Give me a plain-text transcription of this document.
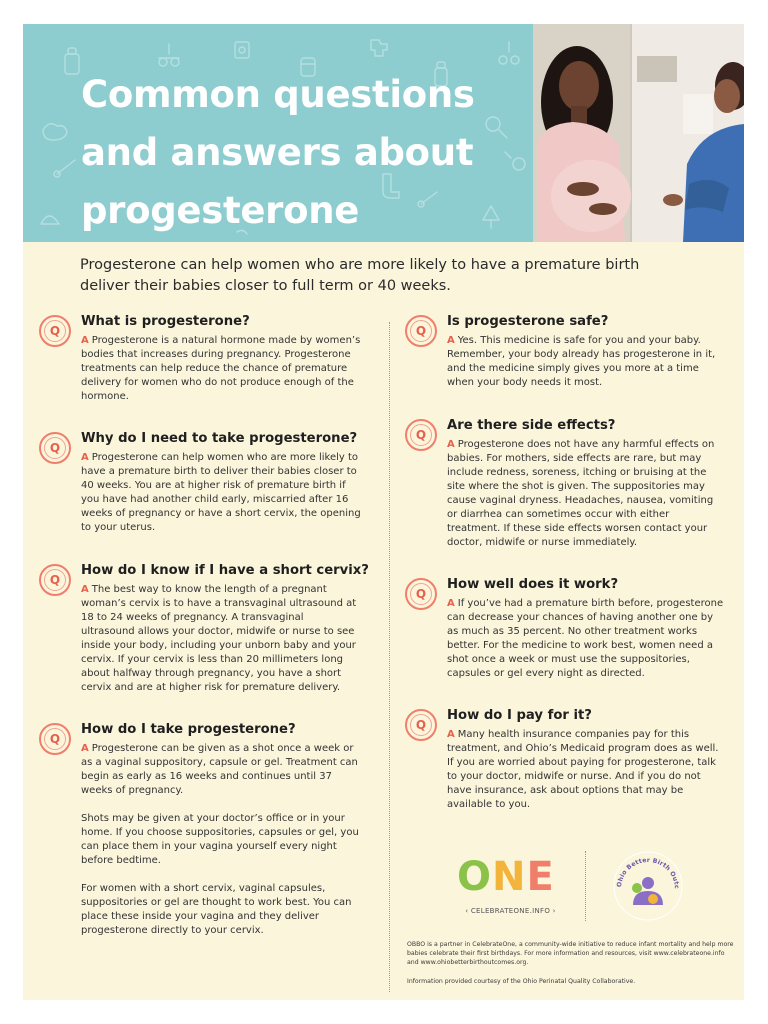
Common questions and answers about progesterone

Progesterone can help women who are more likely to have a premature birth deliver their babies closer to full term or 40 weeks.

Q
What is progesterone?

A Progesterone is a natural hormone made by women’s bodies that increases during pregnancy. Progesterone treatments can help reduce the chance of premature delivery for women who do not produce enough of the hormone.

Q
Why do I need to take progesterone?

A Progesterone can help women who are more likely to have a premature birth to deliver their babies closer to 40 weeks. You are at higher risk of premature birth if you have had another child early, miscarried after 16 weeks of pregnancy or have a short cervix, the opening to your uterus.

Q
How do I know if I have a short cervix?

A The best way to know the length of a pregnant woman’s cervix is to have a transvaginal ultrasound at 18 to 24 weeks of pregnancy. A transvaginal ultrasound allows your doctor, midwife or nurse to see inside your body, including your unborn baby and your cervix. If your cervix is less than 20 millimeters long about halfway through pregnancy, you have a short cervix and are at higher risk for premature delivery.

Q
How do I take progesterone?

A Progesterone can be given as a shot once a week or as a vaginal suppository, capsule or gel. Treatment can begin as early as 16 weeks and continues until 37 weeks of pregnancy.

Shots may be given at your doctor’s office or in your home. If you choose suppositories, capsules or gel, you can place them in your vagina yourself every night before bedtime.

For women with a short cervix, vaginal capsules, suppositories or gel are thought to work best. You can place these inside your vagina and they deliver progesterone directly to your cervix.

Q
Is progesterone safe?

A Yes. This medicine is safe for you and your baby. Remember, your body already has progesterone in it, and the medicine simply gives you more at a time when your body needs it most.

Q
Are there side effects?

A Progesterone does not have any harmful effects on babies. For mothers, side effects are rare, but may include redness, soreness, itching or bruising at the site where the shot is given. The suppositories may cause vaginal dryness. Headaches, nausea, vomiting or diarrhea can sometimes occur with either treatment. If these side effects worsen contact your doctor, midwife or nurse immediately.

Q
How well does it work?

A If you’ve had a premature birth before, progesterone can decrease your chances of having another one by as much as 35 percent. No other treatment works better. For the medicine to work best, women need a shot once a week or must use the suppositories, capsules or gel every night as directed.

Q
How do I pay for it?

A Many health insurance companies pay for this treatment, and Ohio’s Medicaid program does as well. If you are worried about paying for progesterone, talk to your doctor, midwife or nurse. And if you do not have insurance, ask about options that may be available to you.

ONE
‹ CELEBRATEONE.INFO ›
Ohio Better Birth Outc

OBBO is a partner in CelebrateOne, a community-wide initiative to reduce infant mortality and help more babies celebrate their first birthdays. For more information and resources, visit www.celebrateone.info and www.ohiobetterbirthoutcomes.org.

Information provided courtesy of the Ohio Perinatal Quality Collaborative.
